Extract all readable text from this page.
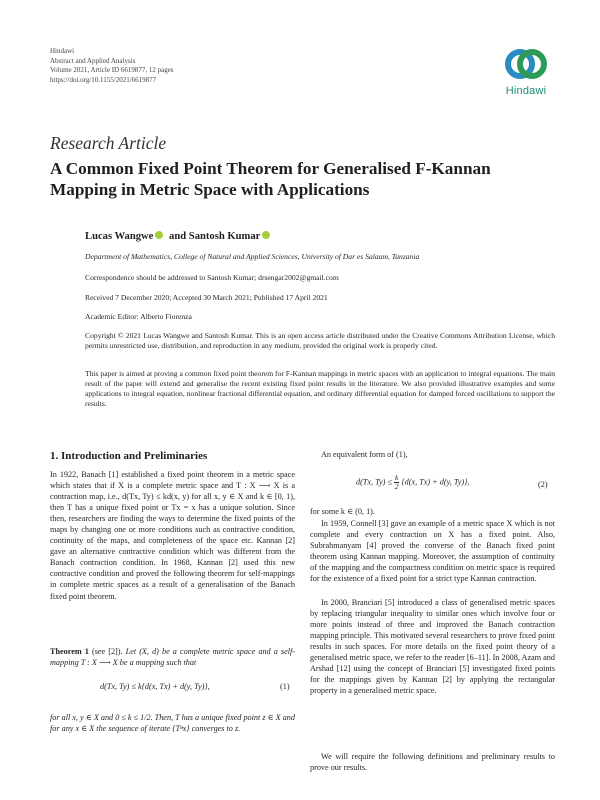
Hindawi
Abstract and Applied Analysis
Volume 2021, Article ID 6619877, 12 pages
https://doi.org/10.1155/2021/6619877
Hindawi
Research Article
A Common Fixed Point Theorem for Generalised F-Kannan Mapping in Metric Space with Applications
Lucas Wangwe and Santosh Kumar
Department of Mathematics, College of Natural and Applied Sciences, University of Dar es Salaam, Tanzania
Correspondence should be addressed to Santosh Kumar; drsengar2002@gmail.com
Received 7 December 2020; Accepted 30 March 2021; Published 17 April 2021
Academic Editor: Alberto Fiorenza
Copyright © 2021 Lucas Wangwe and Santosh Kumar. This is an open access article distributed under the Creative Commons Attribution License, which permits unrestricted use, distribution, and reproduction in any medium, provided the original work is properly cited.
This paper is aimed at proving a common fixed point theorem for F-Kannan mappings in metric spaces with an application to integral equations. The main result of the paper will extend and generalise the recent existing fixed point results in the literature. We also provided illustrative examples and some applications to integral equation, nonlinear fractional differential equation, and ordinary differential equation for damped forced oscillations to support the results.
1. Introduction and Preliminaries
In 1922, Banach [1] established a fixed point theorem in a metric space which states that if X is a complete metric space and T : X ⟶ X is a contraction map, i.e., d(Tx, Ty) ≤ kd(x, y) for all x, y ∈ X and k ∈ [0, 1), then T has a unique fixed point or Tx = x has a unique solution. Since then, researchers are finding the ways to determine the fixed points of the maps by changing one or more conditions such as contractive condition, continuity of the maps, and completeness of the space etc. Kannan [2] gave an alternative contractive condition which was different from the Banach contraction condition. In 1968, Kannan [2] used this new contractive condition and proved the following theorem for self-mappings in complete metric spaces as a result of a generalisation of the Banach fixed point theorem.
Theorem 1 (see [2]). Let (X, d) be a complete metric space and a self-mapping T : X ⟶ X be a mapping such that
d(Tx, Ty) ≤ k{d(x, Tx) + d(y, Ty)},	(1)
for all x, y ∈ X and 0 ≤ k ≤ 1/2. Then, T has a unique fixed point z ∈ X and for any x ∈ X the sequence of iterate {Tⁿx} converges to z.
An equivalent form of (1),
d(Tx, $Ty) \le \frac{k}{2} \{d(x$, Tx) + d(y, Ty)},	(2)
for some k ∈ (0, 1).
In 1959, Connell [3] gave an example of a metric space X which is not complete and every contraction on X has a fixed point. Also, Subrahmanyam [4] proved the converse of the Banach fixed point theorem using Kannan mapping. Moreover, the assumption of continuity of the mapping and the compactness condition on metric space is required for the existence of a fixed point for a strict type Kannan contraction.
In 2000, Branciari [5] introduced a class of generalised metric spaces by replacing triangular inequality to similar ones which involve four or more points instead of three and improved the Banach contraction mapping principle. This motivated several researchers to prove fixed point results in such spaces. For more details on the fixed point theory of a generalised metric space, we refer to the reader [6–11]. In 2008, Azam and Arshad [12] using the concept of Branciari [5] investigated fixed points for the mappings given by Kannan [2] by applying the rectangular property in a generalised metric space.
We will require the following definitions and preliminary results to prove our results.
